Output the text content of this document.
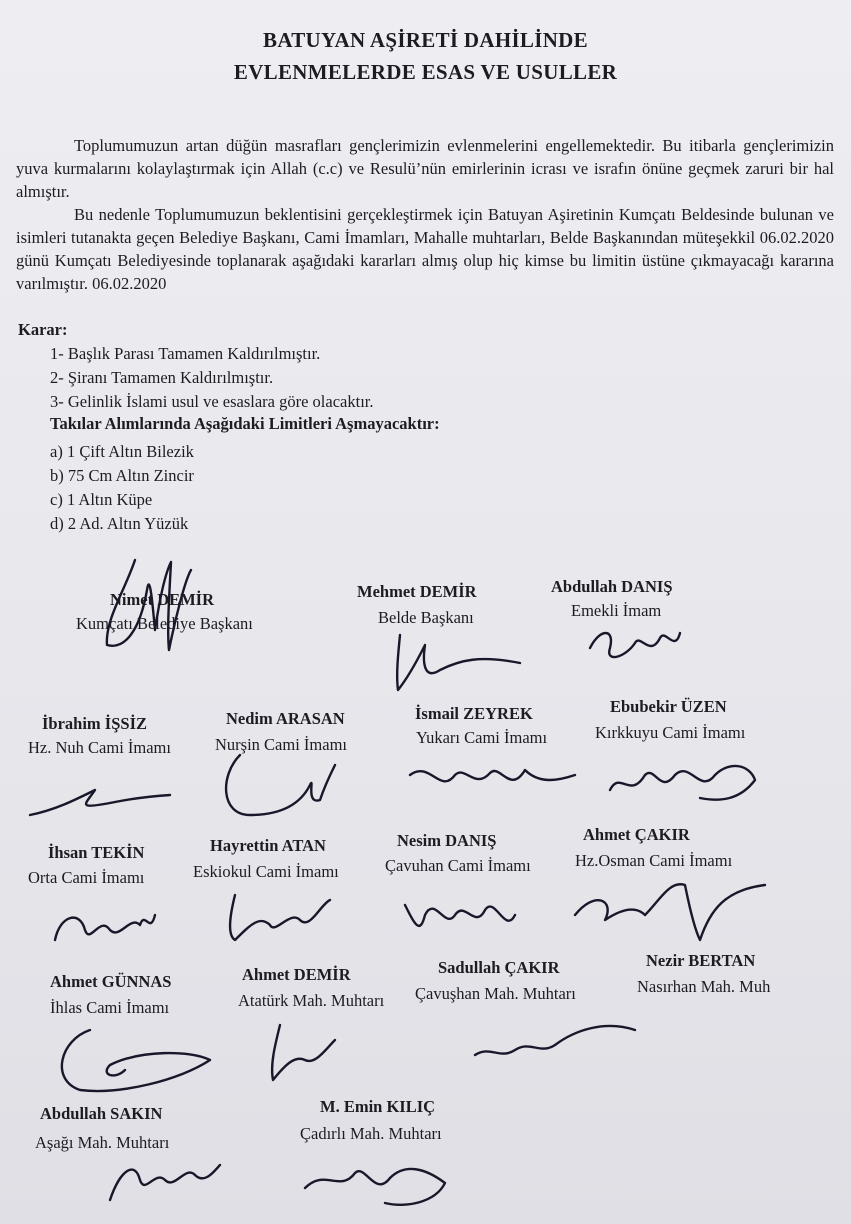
BATUYAN AŞİRETİ DAHİLİNDE
EVLENMELERDE ESAS VE USULLER

Toplumumuzun artan düğün masrafları gençlerimizin evlenmelerini engellemektedir. Bu itibarla gençlerimizin yuva kurmalarını kolaylaştırmak için Allah (c.c) ve Resulü’nün emirlerinin icrası ve israfın önüne geçmek zaruri bir hal almıştır.

Bu nedenle Toplumumuzun beklentisini gerçekleştirmek için Batuyan Aşiretinin Kumçatı Beldesinde bulunan ve isimleri tutanakta geçen Belediye Başkanı, Cami İmamları, Mahalle muhtarları, Belde Başkanından müteşekkil 06.02.2020 günü Kumçatı Belediyesinde toplanarak aşağıdaki kararları almış olup hiç kimse bu limitin üstüne çıkmayacağı kararına varılmıştır. 06.02.2020

Karar:
1- Başlık Parası Tamamen Kaldırılmıştır.
2- Şiranı Tamamen Kaldırılmıştır.
3- Gelinlik İslami usul ve esaslara göre olacaktır.
Takılar Alımlarında Aşağıdaki Limitleri Aşmayacaktır:
a) 1 Çift Altın Bilezik
b) 75 Cm Altın Zincir
c) 1 Altın Küpe
d) 2 Ad. Altın Yüzük
Nimet DEMİR
Kumçatı Belediye Başkanı
Mehmet DEMİR
Belde Başkanı
Abdullah DANIŞ
Emekli İmam
İbrahim İŞSİZ
Hz. Nuh Cami İmamı
Nedim ARASAN
Nurşin Cami İmamı
İsmail ZEYREK
Yukarı Cami İmamı
Ebubekir ÜZEN
Kırkkuyu Cami İmamı
İhsan TEKİN
Orta Cami İmamı
Hayrettin ATAN
Eskiokul Cami İmamı
Nesim DANIŞ
Çavuhan Cami İmamı
Ahmet ÇAKIR
Hz.Osman Cami İmamı
Ahmet GÜNNAS
İhlas Cami İmamı
Ahmet DEMİR
Atatürk Mah. Muhtarı
Sadullah ÇAKIR
Çavuşhan Mah. Muhtarı
Nezir BERTAN
Nasırhan Mah. Muh
Abdullah SAKIN
Aşağı Mah. Muhtarı
M. Emin KILIÇ
Çadırlı Mah. Muhtarı
